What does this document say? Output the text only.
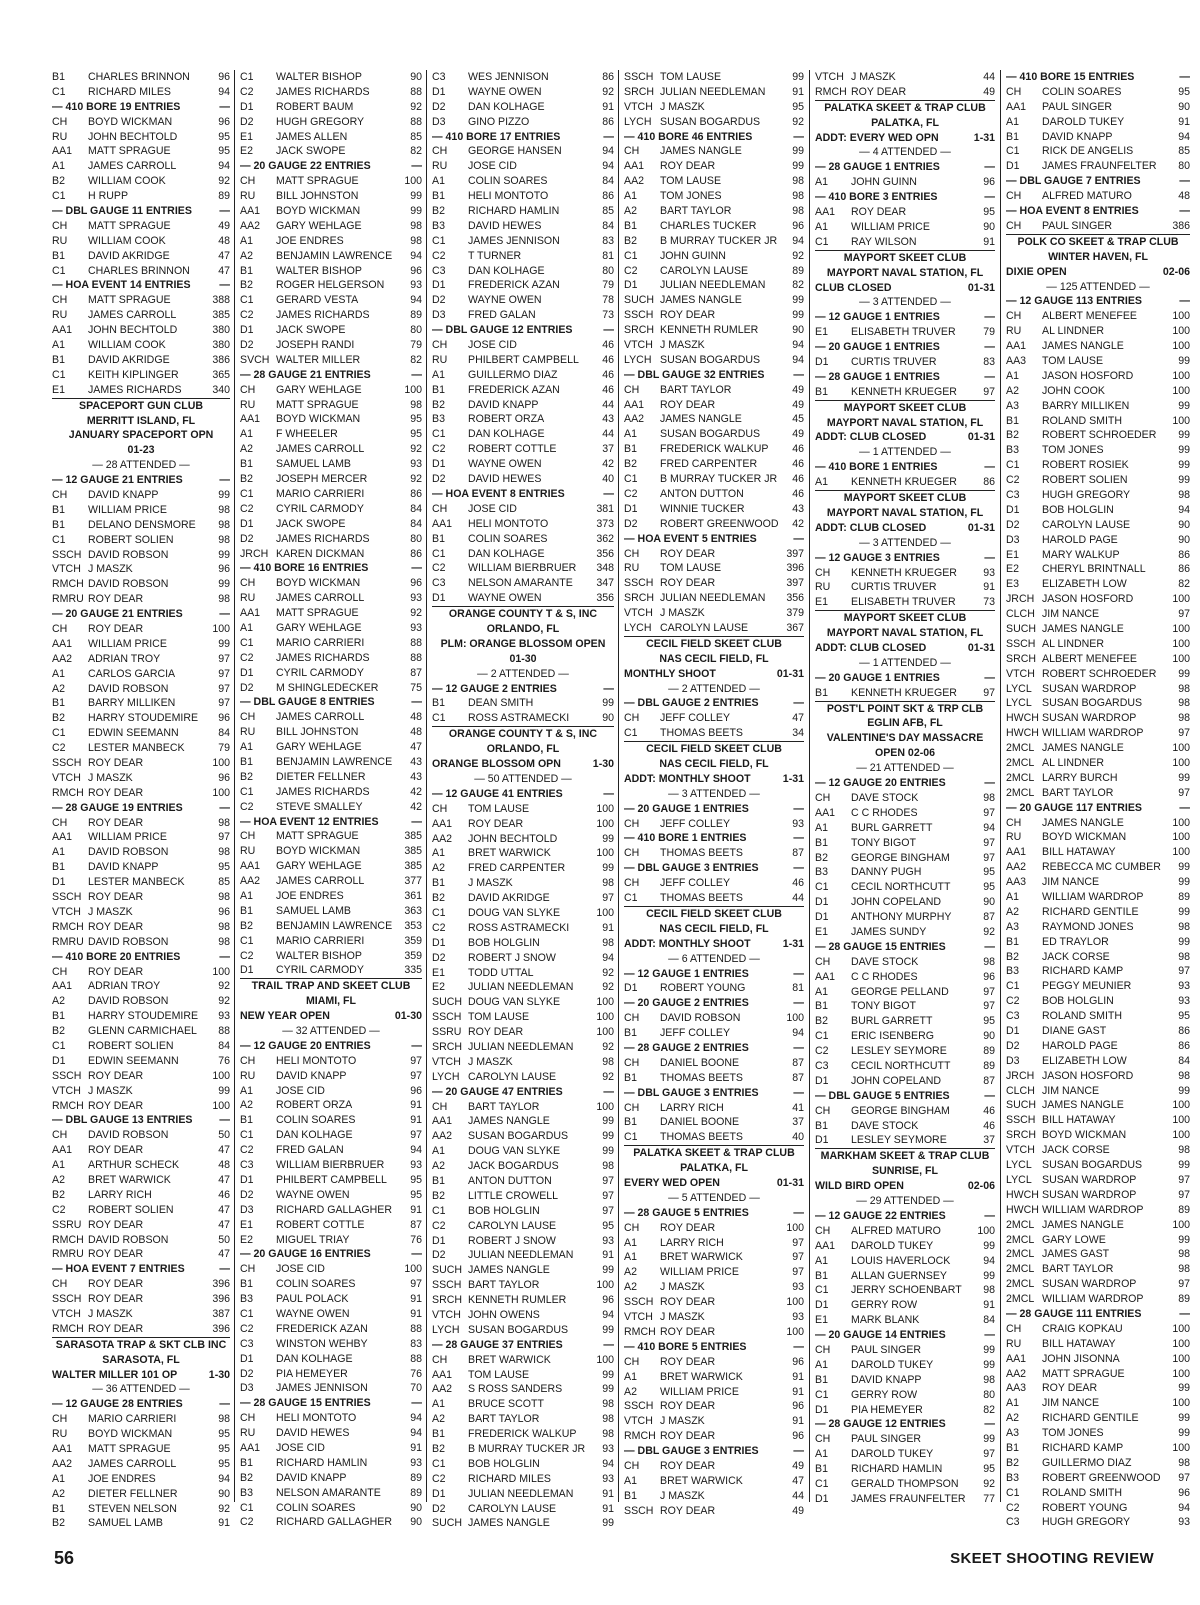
B1	CHARLES BRINNON	96
C1	RICHARD MILES	94
— 410 BORE 19 ENTRIES	—
CH	BOYD WICKMAN	96
RU	JOHN BECHTOLD	95
AA1	MATT SPRAGUE	95
A1	JAMES CARROLL	94
B2	WILLIAM COOK	92
C1	H RUPP	89
— DBL GAUGE 11 ENTRIES	—
CH	MATT SPRAGUE	49
RU	WILLIAM COOK	48
B1	DAVID AKRIDGE	47
C1	CHARLES BRINNON	47
— HOA EVENT 14 ENTRIES	—
CH	MATT SPRAGUE	388
RU	JAMES CARROLL	385
AA1	JOHN BECHTOLD	380
A1	WILLIAM COOK	380
B1	DAVID AKRIDGE	386
C1	KEITH KIPLINGER	365
E1	JAMES RICHARDS	340
SPACEPORT GUN CLUB
MERRITT ISLAND, FL
JANUARY SPACEPORT OPN
01-23
— 28 ATTENDED —
— 12 GAUGE 21 ENTRIES	—
CH	DAVID KNAPP	99
B1	WILLIAM PRICE	98
B1	DELANO DENSMORE	98
C1	ROBERT SOLIEN	98
SSCH DAVID ROBSON	99
VTCH J MASZK	96
RMCH DAVID ROBSON	99
RMRU ROY DEAR	98
— 20 GAUGE 21 ENTRIES	—
CH	ROY DEAR	100
AA1	WILLIAM PRICE	99
AA2	ADRIAN TROY	97
A1	CARLOS GARCIA	97
A2	DAVID ROBSON	97
B1	BARRY MILLIKEN	97
B2	HARRY STOUDEMIRE	96
C1	EDWIN SEEMANN	84
C2	LESTER MANBECK	79
SSCH ROY DEAR	100
VTCH J MASZK	96
RMCH ROY DEAR	100
— 28 GAUGE 19 ENTRIES	—
CH	ROY DEAR	98
AA1	WILLIAM PRICE	97
A1	DAVID ROBSON	98
B1	DAVID KNAPP	95
D1	LESTER MANBECK	85
SSCH ROY DEAR	98
VTCH J MASZK	96
RMCH ROY DEAR	98
RMRU DAVID ROBSON	98
— 410 BORE 20 ENTRIES	—
CH	ROY DEAR	100
AA1	ADRIAN TROY	92
A2	DAVID ROBSON	92
B1	HARRY STOUDEMIRE	93
B2	GLENN CARMICHAEL	88
C1	ROBERT SOLIEN	84
D1	EDWIN SEEMANN	76
SSCH ROY DEAR	100
VTCH J MASZK	99
RMCH ROY DEAR	100
— DBL GAUGE 13 ENTRIES	—
CH	DAVID ROBSON	50
AA1	ROY DEAR	47
A1	ARTHUR SCHECK	48
A2	BRET WARWICK	47
B2	LARRY RICH	46
C2	ROBERT SOLIEN	47
SSRU ROY DEAR	47
RMCH DAVID ROBSON	50
RMRU ROY DEAR	47
— HOA EVENT 7 ENTRIES	—
CH	ROY DEAR	396
SSCH ROY DEAR	396
VTCH J MASZK	387
RMCH ROY DEAR	396
SARASOTA TRAP & SKT CLB INC
SARASOTA, FL
WALTER MILLER 101 OP	1-30
— 36 ATTENDED —
— 12 GAUGE 28 ENTRIES	—
CH	MARIO CARRIERI	98
RU	BOYD WICKMAN	95
AA1	MATT SPRAGUE	95
AA2	JAMES CARROLL	95
A1	JOE ENDRES	94
A2	DIETER FELLNER	90
B1	STEVEN NELSON	92
B2	SAMUEL LAMB	91
C1	WALTER BISHOP	90
C2	JAMES RICHARDS	88
D1	ROBERT BAUM	92
D2	HUGH GREGORY	88
E1	JAMES ALLEN	85
E2	JACK SWOPE	82
— 20 GAUGE 22 ENTRIES	—
CH	MATT SPRAGUE	100
RU	BILL JOHNSTON	99
AA1	BOYD WICKMAN	99
AA2	GARY WEHLAGE	98
A1	JOE ENDRES	98
A2	BENJAMIN LAWRENCE	94
B1	WALTER BISHOP	96
B2	ROGER HELGERSON	93
C1	GERARD VESTA	94
C2	JAMES RICHARDS	89
D1	JACK SWOPE	80
D2	JOSEPH RANDI	79
SVCH WALTER MILLER	82
— 28 GAUGE 21 ENTRIES	—
CH	GARY WEHLAGE	100
RU	MATT SPRAGUE	98
AA1	BOYD WICKMAN	95
A1	F WHEELER	95
A2	JAMES CARROLL	92
B1	SAMUEL LAMB	93
B2	JOSEPH MERCER	92
C1	MARIO CARRIERI	86
C2	CYRIL CARMODY	84
D1	JACK SWOPE	84
D2	JAMES RICHARDS	80
JRCH KAREN DICKMAN	86
— 410 BORE 16 ENTRIES	—
CH	BOYD WICKMAN	96
RU	JAMES CARROLL	93
AA1	MATT SPRAGUE	92
A1	GARY WEHLAGE	93
C1	MARIO CARRIERI	88
C2	JAMES RICHARDS	88
D1	CYRIL CARMODY	87
D2	M SHINGLEDECKER	75
— DBL GAUGE 8 ENTRIES	—
CH	JAMES CARROLL	48
RU	BILL JOHNSTON	48
A1	GARY WEHLAGE	47
B1	BENJAMIN LAWRENCE	43
B2	DIETER FELLNER	43
C1	JAMES RICHARDS	42
C2	STEVE SMALLEY	42
— HOA EVENT 12 ENTRIES	—
CH	MATT SPRAGUE	385
RU	BOYD WICKMAN	385
AA1	GARY WEHLAGE	385
AA2	JAMES CARROLL	377
A1	JOE ENDRES	361
B1	SAMUEL LAMB	363
B2	BENJAMIN LAWRENCE	353
C1	MARIO CARRIERI	359
C2	WALTER BISHOP	359
D1	CYRIL CARMODY	335
TRAIL TRAP AND SKEET CLUB
MIAMI, FL
NEW YEAR OPEN	01-30
— 32 ATTENDED —
— 12 GAUGE 20 ENTRIES	—
CH	HELI MONTOTO	97
RU	DAVID KNAPP	97
A1	JOSE CID	96
A2	ROBERT ORZA	91
B1	COLIN SOARES	91
C1	DAN KOLHAGE	97
C2	FRED GALAN	94
C3	WILLIAM BIERBRUER	93
D1	PHILBERT CAMPBELL	95
D2	WAYNE OWEN	95
D3	RICHARD GALLAGHER	91
E1	ROBERT COTTLE	87
E2	MIGUEL TRIAY	76
— 20 GAUGE 16 ENTRIES	—
CH	JOSE CID	100
B1	COLIN SOARES	97
B3	PAUL POLACK	91
C1	WAYNE OWEN	91
C2	FREDERICK AZAN	88
C3	WINSTON WEHBY	83
D1	DAN KOLHAGE	88
D2	PIA HEMEYER	76
D3	JAMES JENNISON	70
— 28 GAUGE 15 ENTRIES	—
CH	HELI MONTOTO	94
RU	DAVID HEWES	94
AA1	JOSE CID	91
B1	RICHARD HAMLIN	93
B2	DAVID KNAPP	89
B3	NELSON AMARANTE	89
C1	COLIN SOARES	90
C2	RICHARD GALLAGHER	90
C3	WES JENNISON	86
D1	WAYNE OWEN	92
D2	DAN KOLHAGE	91
D3	GINO PIZZO	86
— 410 BORE 17 ENTRIES	—
CH	GEORGE HANSEN	94
RU	JOSE CID	94
A1	COLIN SOARES	84
B1	HELI MONTOTO	86
B2	RICHARD HAMLIN	85
B3	DAVID HEWES	84
C1	JAMES JENNISON	83
C2	T TURNER	81
C3	DAN KOLHAGE	80
D1	FREDERICK AZAN	79
D2	WAYNE OWEN	78
D3	FRED GALAN	73
— DBL GAUGE 12 ENTRIES	—
CH	JOSE CID	46
RU	PHILBERT CAMPBELL	46
A1	GUILLERMO DIAZ	46
B1	FREDERICK AZAN	46
B2	DAVID KNAPP	44
B3	ROBERT ORZA	43
C1	DAN KOLHAGE	44
C2	ROBERT COTTLE	37
D1	WAYNE OWEN	42
D2	DAVID HEWES	40
— HOA EVENT 8 ENTRIES	—
CH	JOSE CID	381
AA1	HELI MONTOTO	373
B1	COLIN SOARES	362
C1	DAN KOLHAGE	356
C2	WILLIAM BIERBRUER	348
C3	NELSON AMARANTE	347
D1	WAYNE OWEN	356
ORANGE COUNTY T & S, INC
ORLANDO, FL
PLM: ORANGE BLOSSOM OPEN
01-30
— 2 ATTENDED —
— 12 GAUGE 2 ENTRIES	—
B1	DEAN SMITH	99
C1	ROSS ASTRAMECKI	90
ORANGE COUNTY T & S, INC
ORLANDO, FL
ORANGE BLOSSOM OPN	1-30
— 50 ATTENDED —
— 12 GAUGE 41 ENTRIES	—
CH	TOM LAUSE	100
AA1	ROY DEAR	100
AA2	JOHN BECHTOLD	99
A1	BRET WARWICK	100
A2	FRED CARPENTER	99
B1	J MASZK	98
B2	DAVID AKRIDGE	97
C1	DOUG VAN SLYKE	100
C2	ROSS ASTRAMECKI	91
D1	BOB HOLGLIN	98
D2	ROBERT J SNOW	94
E1	TODD UTTAL	92
E2	JULIAN NEEDLEMAN	92
SUCH DOUG VAN SLYKE	100
SSCH TOM LAUSE	100
SSRU ROY DEAR	100
SRCH JULIAN NEEDLEMAN	92
VTCH J MASZK	98
LYCH CAROLYN LAUSE	92
— 20 GAUGE 47 ENTRIES	—
CH	BART TAYLOR	100
AA1	JAMES NANGLE	99
AA2	SUSAN BOGARDUS	99
A1	DOUG VAN SLYKE	99
A2	JACK BOGARDUS	98
B1	ANTON DUTTON	97
B2	LITTLE CROWELL	97
C1	BOB HOLGLIN	97
C2	CAROLYN LAUSE	95
D1	ROBERT J SNOW	93
D2	JULIAN NEEDLEMAN	91
SUCH JAMES NANGLE	99
SSCH BART TAYLOR	100
SRCH KENNETH RUMLER	96
VTCH JOHN OWENS	94
LYCH SUSAN BOGARDUS	99
— 28 GAUGE 37 ENTRIES	—
CH	BRET WARWICK	100
AA1	TOM LAUSE	99
AA2	S ROSS SANDERS	99
A1	BRUCE SCOTT	98
A2	BART TAYLOR	98
B1	FREDERICK WALKUP	98
B2	B MURRAY TUCKER JR	93
C1	BOB HOLGLIN	94
C2	RICHARD MILES	93
D1	JULIAN NEEDLEMAN	91
D2	CAROLYN LAUSE	91
SUCH JAMES NANGLE	99
SSCH TOM LAUSE	99
SRCH JULIAN NEEDLEMAN	91
VTCH J MASZK	95
LYCH SUSAN BOGARDUS	92
— 410 BORE 46 ENTRIES	—
CH	JAMES NANGLE	99
AA1	ROY DEAR	99
AA2	TOM LAUSE	98
A1	TOM JONES	98
A2	BART TAYLOR	98
B1	CHARLES TUCKER	96
B2	B MURRAY TUCKER JR	94
C1	JOHN GUINN	92
C2	CAROLYN LAUSE	89
D1	JULIAN NEEDLEMAN	82
SUCH JAMES NANGLE	99
SSCH ROY DEAR	99
SRCH KENNETH RUMLER	90
VTCH J MASZK	94
LYCH SUSAN BOGARDUS	94
— DBL GAUGE 32 ENTRIES	—
CH	BART TAYLOR	49
AA1	ROY DEAR	49
AA2	JAMES NANGLE	45
A1	SUSAN BOGARDUS	49
B1	FREDERICK WALKUP	46
B2	FRED CARPENTER	46
C1	B MURRAY TUCKER JR	46
C2	ANTON DUTTON	46
D1	WINNIE TUCKER	43
D2	ROBERT GREENWOOD	42
— HOA EVENT 5 ENTRIES	—
CH	ROY DEAR	397
RU	TOM LAUSE	396
SSCH ROY DEAR	397
SRCH JULIAN NEEDLEMAN	356
VTCH J MASZK	379
LYCH CAROLYN LAUSE	367
CECIL FIELD SKEET CLUB
NAS CECIL FIELD, FL
MONTHLY SHOOT	01-31
— 2 ATTENDED —
— DBL GAUGE 2 ENTRIES	—
CH	JEFF COLLEY	47
C1	THOMAS BEETS	34
CECIL FIELD SKEET CLUB
NAS CECIL FIELD, FL
ADDT: MONTHLY SHOOT	1-31
— 3 ATTENDED —
— 20 GAUGE 1 ENTRIES	—
CH	JEFF COLLEY	93
— 410 BORE 1 ENTRIES	—
CH	THOMAS BEETS	87
— DBL GAUGE 3 ENTRIES	—
CH	JEFF COLLEY	46
C1	THOMAS BEETS	44
CECIL FIELD SKEET CLUB
NAS CECIL FIELD, FL
ADDT: MONTHLY SHOOT	1-31
— 6 ATTENDED —
— 12 GAUGE 1 ENTRIES	—
D1	ROBERT YOUNG	81
— 20 GAUGE 2 ENTRIES	—
CH	DAVID ROBSON	100
B1	JEFF COLLEY	94
— 28 GAUGE 2 ENTRIES	—
CH	DANIEL BOONE	87
B1	THOMAS BEETS	87
— DBL GAUGE 3 ENTRIES	—
CH	LARRY RICH	41
B1	DANIEL BOONE	37
C1	THOMAS BEETS	40
PALATKA SKEET & TRAP CLUB
PALATKA, FL
EVERY WED OPEN	01-31
— 5 ATTENDED —
— 28 GAUGE 5 ENTRIES	—
CH	ROY DEAR	100
A1	LARRY RICH	97
A1	BRET WARWICK	97
A2	WILLIAM PRICE	97
A2	J MASZK	93
SSCH ROY DEAR	100
VTCH J MASZK	93
RMCH ROY DEAR	100
— 410 BORE 5 ENTRIES	—
CH	ROY DEAR	96
A1	BRET WARWICK	91
A2	WILLIAM PRICE	91
SSCH ROY DEAR	96
VTCH J MASZK	91
RMCH ROY DEAR	96
— DBL GAUGE 3 ENTRIES	—
CH	ROY DEAR	49
A1	BRET WARWICK	47
B1	J MASZK	44
SSCH ROY DEAR	49
VTCH J MASZK	44
RMCH ROY DEAR	49
PALATKA SKEET & TRAP CLUB
PALATKA, FL
ADDT: EVERY WED OPN	1-31
— 4 ATTENDED —
— 28 GAUGE 1 ENTRIES	—
A1	JOHN GUINN	96
— 410 BORE 3 ENTRIES	—
AA1	ROY DEAR	95
A1	WILLIAM PRICE	90
C1	RAY WILSON	91
MAYPORT SKEET CLUB
MAYPORT NAVAL STATION, FL
CLUB CLOSED	01-31
— 3 ATTENDED —
— 12 GAUGE 1 ENTRIES	—
E1	ELISABETH TRUVER	79
— 20 GAUGE 1 ENTRIES	—
D1	CURTIS TRUVER	83
— 28 GAUGE 1 ENTRIES	—
B1	KENNETH KRUEGER	97
MAYPORT SKEET CLUB
MAYPORT NAVAL STATION, FL
ADDT: CLUB CLOSED	01-31
— 1 ATTENDED —
— 410 BORE 1 ENTRIES	—
A1	KENNETH KRUEGER	86
MAYPORT SKEET CLUB
MAYPORT NAVAL STATION, FL
ADDT: CLUB CLOSED	01-31
— 3 ATTENDED —
— 12 GAUGE 3 ENTRIES	—
CH	KENNETH KRUEGER	93
RU	CURTIS TRUVER	91
E1	ELISABETH TRUVER	73
MAYPORT SKEET CLUB
MAYPORT NAVAL STATION, FL
ADDT: CLUB CLOSED	01-31
— 1 ATTENDED —
— 20 GAUGE 1 ENTRIES	—
B1	KENNETH KRUEGER	97
POST'L POINT SKT & TRP CLB
EGLIN AFB, FL
VALENTINE'S DAY MASSACRE
OPEN 02-06
— 21 ATTENDED —
— 12 GAUGE 20 ENTRIES	—
CH	DAVE STOCK	98
AA1	C C RHODES	97
A1	BURL GARRETT	94
B1	TONY BIGOT	97
B2	GEORGE BINGHAM	97
B3	DANNY PUGH	95
C1	CECIL NORTHCUTT	95
D1	JOHN COPELAND	90
D1	ANTHONY MURPHY	87
E1	JAMES SUNDY	92
— 28 GAUGE 15 ENTRIES	—
CH	DAVE STOCK	98
AA1	C C RHODES	96
A1	GEORGE PELLAND	97
B1	TONY BIGOT	97
B2	BURL GARRETT	95
C1	ERIC ISENBERG	90
C2	LESLEY SEYMORE	89
C3	CECIL NORTHCUTT	89
D1	JOHN COPELAND	87
— DBL GAUGE 5 ENTRIES	—
CH	GEORGE BINGHAM	46
B1	DAVE STOCK	46
D1	LESLEY SEYMORE	37
MARKHAM SKEET & TRAP CLUB
SUNRISE, FL
WILD BIRD OPEN	02-06
— 29 ATTENDED —
— 12 GAUGE 22 ENTRIES	—
CH	ALFRED MATURO	100
AA1	DAROLD TUKEY	99
A1	LOUIS HAVERLOCK	94
B1	ALLAN GUERNSEY	99
C1	JERRY SCHOENBART	98
D1	GERRY ROW	91
E1	MARK BLANK	84
— 20 GAUGE 14 ENTRIES	—
CH	PAUL SINGER	99
A1	DAROLD TUKEY	99
B1	DAVID KNAPP	98
C1	GERRY ROW	80
D1	PIA HEMEYER	82
— 28 GAUGE 12 ENTRIES	—
CH	PAUL SINGER	99
A1	DAROLD TUKEY	97
B1	RICHARD HAMLIN	95
C1	GERALD THOMPSON	92
D1	JAMES FRAUNFELTER	77
— 410 BORE 15 ENTRIES	—
CH	COLIN SOARES	95
AA1	PAUL SINGER	90
A1	DAROLD TUKEY	91
B1	DAVID KNAPP	94
C1	RICK DE ANGELIS	85
D1	JAMES FRAUNFELTER	80
— DBL GAUGE 7 ENTRIES	—
CH	ALFRED MATURO	48
— HOA EVENT 8 ENTRIES	—
CH	PAUL SINGER	386
POLK CO SKEET & TRAP CLUB
WINTER HAVEN, FL
DIXIE OPEN	02-06
— 125 ATTENDED —
— 12 GAUGE 113 ENTRIES	—
CH	ALBERT MENEFEE	100
RU	AL LINDNER	100
AA1	JAMES NANGLE	100
AA3	TOM LAUSE	99
A1	JASON HOSFORD	100
A2	JOHN COOK	100
A3	BARRY MILLIKEN	99
B1	ROLAND SMITH	100
B2	ROBERT SCHROEDER	99
B3	TOM JONES	99
C1	ROBERT ROSIEK	99
C2	ROBERT SOLIEN	99
C3	HUGH GREGORY	98
D1	BOB HOLGLIN	94
D2	CAROLYN LAUSE	90
D3	HAROLD PAGE	90
E1	MARY WALKUP	86
E2	CHERYL BRINTNALL	86
E3	ELIZABETH LOW	82
JRCH JASON HOSFORD	100
CLCH JIM NANCE	97
SUCH JAMES NANGLE	100
SSCH AL LINDNER	100
SRCH ALBERT MENEFEE	100
VTCH ROBERT SCHROEDER	99
LYCL SUSAN WARDROP	98
LYCL SUSAN BOGARDUS	98
HWCH SUSAN WARDROP	98
HWCH WILLIAM WARDROP	97
2MCL JAMES NANGLE	100
2MCL AL LINDNER	100
2MCL LARRY BURCH	99
2MCL BART TAYLOR	97
— 20 GAUGE 117 ENTRIES	—
CH	JAMES NANGLE	100
RU	BOYD WICKMAN	100
AA1	BILL HATAWAY	100
AA2	REBECCA MC CUMBER	99
AA3	JIM NANCE	99
A1	WILLIAM WARDROP	89
A2	RICHARD GENTILE	99
A3	RAYMOND JONES	98
B1	ED TRAYLOR	99
B2	JACK CORSE	98
B3	RICHARD KAMP	97
C1	PEGGY MEUNIER	93
C2	BOB HOLGLIN	93
C3	ROLAND SMITH	95
D1	DIANE GAST	86
D2	HAROLD PAGE	86
D3	ELIZABETH LOW	84
JRCH JASON HOSFORD	98
CLCH JIM NANCE	99
SUCH JAMES NANGLE	100
SSCH BILL HATAWAY	100
SRCH BOYD WICKMAN	100
VTCH JACK CORSE	98
LYCL SUSAN BOGARDUS	99
LYCL SUSAN WARDROP	97
HWCH SUSAN WARDROP	97
HWCH WILLIAM WARDROP	89
2MCL JAMES NANGLE	100
2MCL GARY LOWE	99
2MCL JAMES GAST	98
2MCL BART TAYLOR	98
2MCL SUSAN WARDROP	97
2MCL WILLIAM WARDROP	89
— 28 GAUGE 111 ENTRIES	—
CH	CRAIG KOPKAU	100
RU	BILL HATAWAY	100
AA1	JOHN JISONNA	100
AA2	MATT SPRAGUE	100
AA3	ROY DEAR	99
A1	JIM NANCE	100
A2	RICHARD GENTILE	99
A3	TOM JONES	99
B1	RICHARD KAMP	100
B2	GUILLERMO DIAZ	98
B3	ROBERT GREENWOOD	97
C1	ROLAND SMITH	96
C2	ROBERT YOUNG	94
C3	HUGH GREGORY	93
56	SKEET SHOOTING REVIEW
